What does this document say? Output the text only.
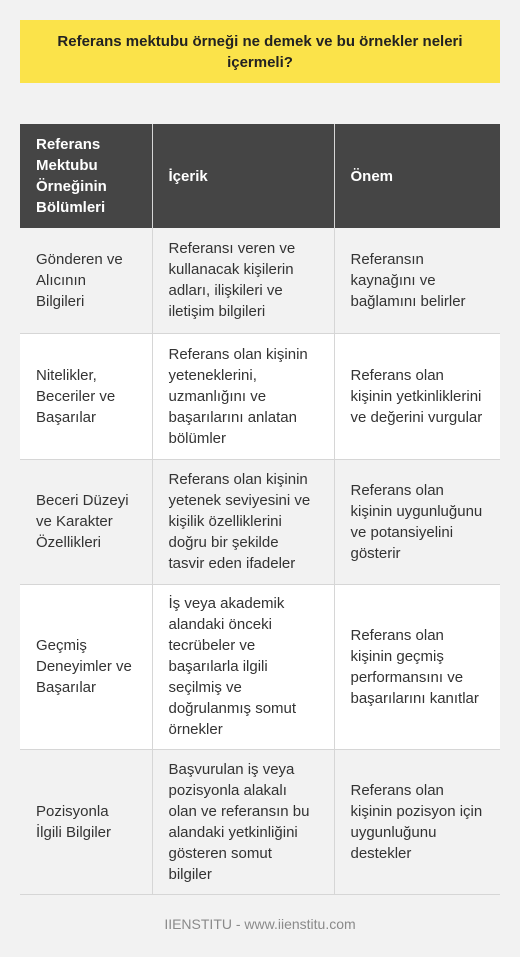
Referans mektubu örneği ne demek ve bu örnekler neleri içermeli?
Referans Mektubu Örneğinin Bölümleri	İçerik	Önem
Gönderen ve Alıcının Bilgileri	Referansı veren ve kullanacak kişilerin adları, ilişkileri ve iletişim bilgileri	Referansın kaynağını ve bağlamını belirler
Nitelikler, Beceriler ve Başarılar	Referans olan kişinin yeteneklerini, uzmanlığını ve başarılarını anlatan bölümler	Referans olan kişinin yetkinliklerini ve değerini vurgular
Beceri Düzeyi ve Karakter Özellikleri	Referans olan kişinin yetenek seviyesini ve kişilik özelliklerini doğru bir şekilde tasvir eden ifadeler	Referans olan kişinin uygunluğunu ve potansiyelini gösterir
Geçmiş Deneyimler ve Başarılar	İş veya akademik alandaki önceki tecrübeler ve başarılarla ilgili seçilmiş ve doğrulanmış somut örnekler	Referans olan kişinin geçmiş performansını ve başarılarını kanıtlar
Pozisyonla İlgili Bilgiler	Başvurulan iş veya pozisyonla alakalı olan ve referansın bu alandaki yetkinliğini gösteren somut bilgiler	Referans olan kişinin pozisyon için uygunluğunu destekler
IIENSTITU - www.iienstitu.com
